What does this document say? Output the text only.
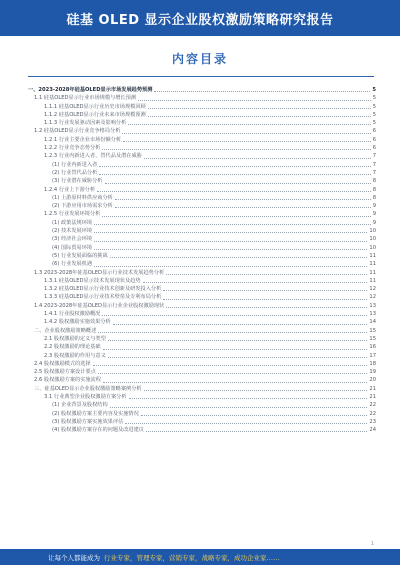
硅基 OLED 显示企业股权激励策略研究报告
内容目录
一、2023-2028年硅基OLED显示市场发展趋势预测	5
1.1 硅基OLED显示行业市场规模与增长预测	5
1.1.1 硅基OLED显示行业历史市场规模回顾	5
1.1.2 硅基OLED显示行业未来市场规模预测	5
1.1.3 行业发展驱动因素及影响分析	5
1.2 硅基OLED显示行业竞争格局分析	6
1.2.1 行业主要企业市场份额分析	6
1.2.2 行业竞争态势分析	6
1.2.3 行业内新进入者、替代品及潜在威胁	7
(1) 行业内新进入者	7
(2) 行业替代品分析	7
(3) 行业潜在威胁分析	8
1.2.4 行业上下游分析	8
(1) 上游原材料供应商分析	8
(2) 下游应用市场需求分析	9
1.2.5 行业发展环境分析	9
(1) 政策法规环境	9
(2) 技术发展环境	10
(3) 经济社会环境	10
(4) 国际贸易环境	10
(5) 行业发展面临的挑战	11
(6) 行业发展机遇	11
1.3 2023-2028年硅基OLED显示行业技术发展趋势分析	11
1.3.1 硅基OLED显示技术发展现状及趋势	11
1.3.2 硅基OLED显示行业技术创新及研发投入分析	12
1.3.3 硅基OLED显示行业技术壁垒及专利布局分析	12
1.4 2023-2028年硅基OLED显示行业企业股权激励现状	13
1.4.1 行业股权激励概况	13
1.4.2 股权激励实施效果分析	14
二、企业股权激励策略概述	15
2.1 股权激励的定义与类型	15
2.2 股权激励的理论基础	16
2.3 股权激励的作用与意义	17
2.4 股权激励模式的选择	18
2.5 股权激励方案设计要点	19
2.6 股权激励方案的实施流程	20
三、硅基OLED显示企业股权激励策略案例分析	21
3.1 行业典型企业股权激励方案分析	21
(1) 企业背景及股权结构	22
(2) 股权激励方案主要内容及实施情况	22
(3) 股权激励方案实施效果评估	23
(4) 股权激励方案存在的问题及改进建议	24
1
让每个人都能成为 行业专家，管理专家，营销专家，战略专家，成功企业家……
